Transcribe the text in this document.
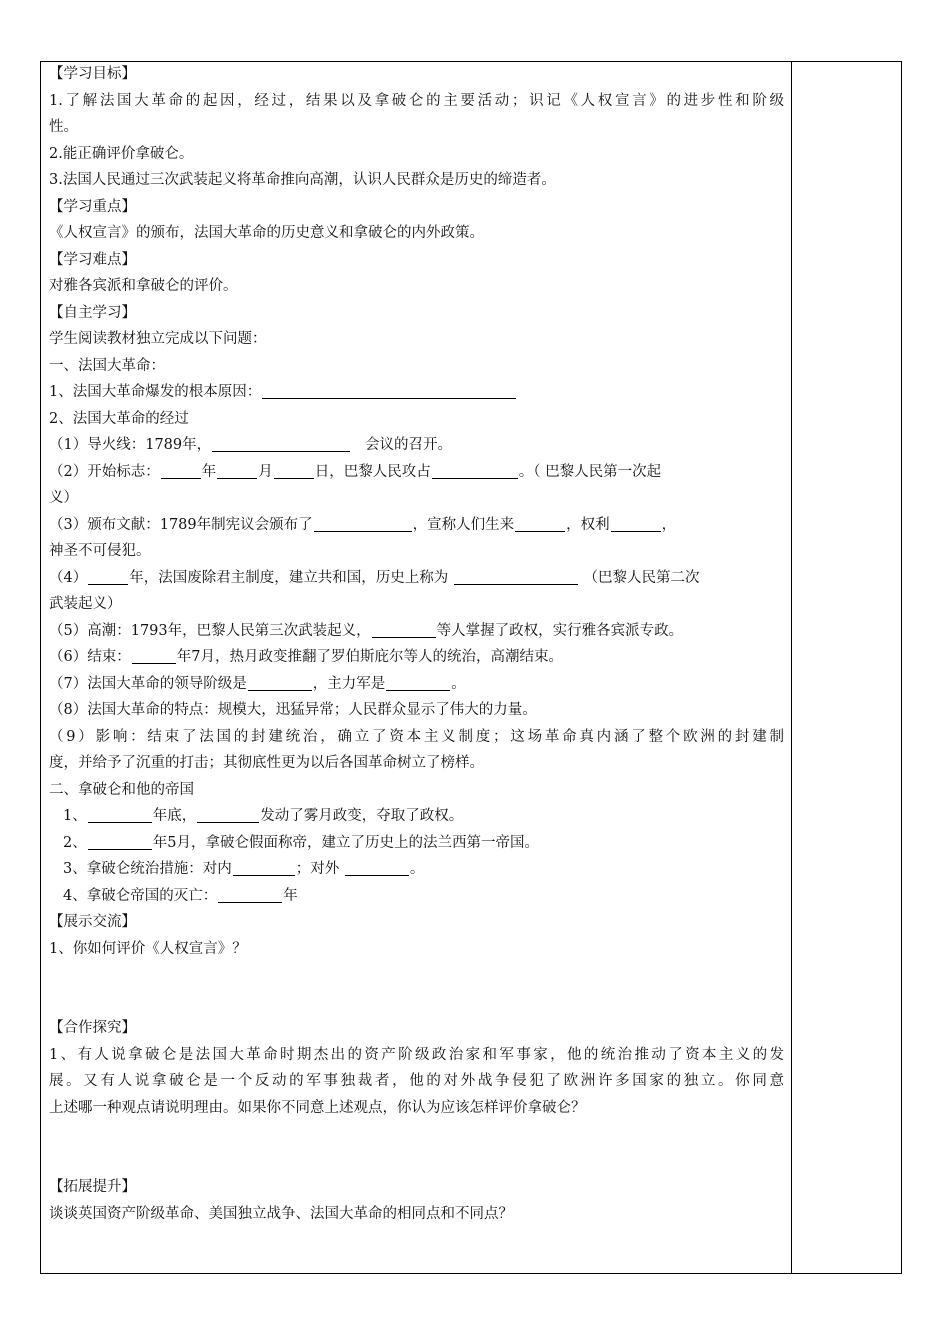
【学习目标】
1.了解法国大革命的起因，经过，结果以及拿破仑的主要活动；识记《人权宣言》的进步性和阶级
性。
2.能正确评价拿破仑。
3.法国人民通过三次武装起义将革命推向高潮，认识人民群众是历史的缔造者。
【学习重点】
《人权宣言》的颁布，法国大革命的历史意义和拿破仑的内外政策。
【学习难点】
对雅各宾派和拿破仑的评价。
【自主学习】
学生阅读教材独立完成以下问题：
一、法国大革命：
1、法国大革命爆发的根本原因：
2、法国大革命的经过
（1）导火线：1789年，	会议的召开。
（2）开始标志：	年	月	日，巴黎人民攻占	。（ 巴黎人民第一次起
义）
（3）颁布文献：1789年制宪议会颁布了	，宣称人们生来	，权利	，
神圣不可侵犯。
（4）	年，法国废除君主制度，建立共和国，历史上称为	（巴黎人民第二次
武装起义）
（5）高潮：1793年，巴黎人民第三次武装起义，	等人掌握了政权，实行雅各宾派专政。
（6）结束：	年7月，热月政变推翻了罗伯斯庇尔等人的统治，高潮结束。
（7）法国大革命的领导阶级是	，主力军是	。
（8）法国大革命的特点：规模大，迅猛异常；人民群众显示了伟大的力量。
（9）影响：结束了法国的封建统治，确立了资本主义制度；这场革命真内涵了整个欧洲的封建制
度，并给予了沉重的打击；其彻底性更为以后各国革命树立了榜样。
二、拿破仑和他的帝国
1、	年底，	发动了雾月政变，夺取了政权。
2、	年5月，拿破仑假面称帝，建立了历史上的法兰西第一帝国。
3、拿破仑统治措施：对内	；对外	。
4、拿破仑帝国的灭亡：	年
【展示交流】
1、你如何评价《人权宣言》？
【合作探究】
1、有人说拿破仑是法国大革命时期杰出的资产阶级政治家和军事家，他的统治推动了资本主义的发
展。又有人说拿破仑是一个反动的军事独裁者，他的对外战争侵犯了欧洲许多国家的独立。你同意
上述哪一种观点请说明理由。如果你不同意上述观点，你认为应该怎样评价拿破仑？
【拓展提升】
谈谈英国资产阶级革命、美国独立战争、法国大革命的相同点和不同点？
